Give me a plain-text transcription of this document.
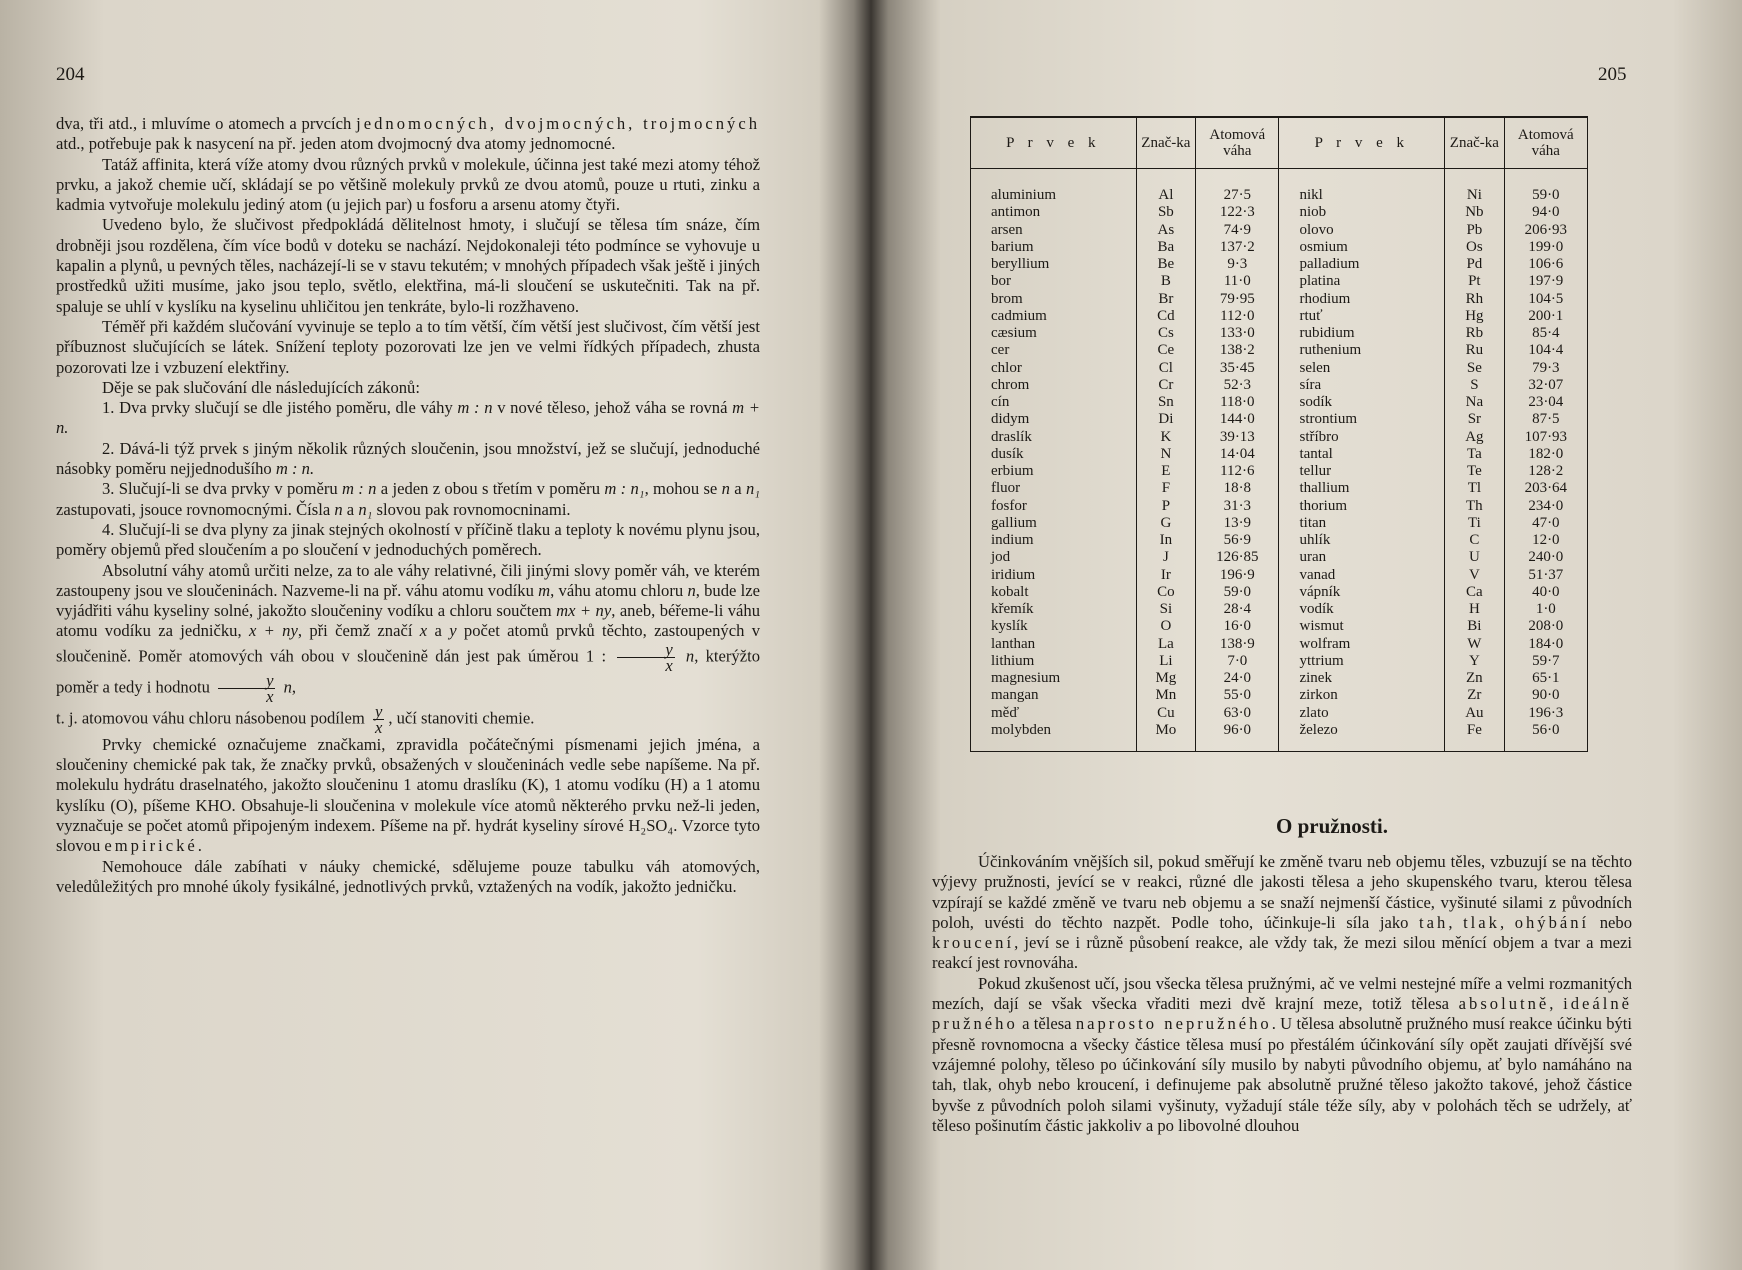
204

dva, tři atd., i mluvíme o atomech a prvcích jednomocných, dvojmocných, trojmocných atd., potřebuje pak k nasycení na př. jeden atom dvojmocný dva atomy jednomocné.

Tatáž affinita, která víže atomy dvou různých prvků v molekule, účinna jest také mezi atomy téhož prvku, a jakož chemie učí, skládají se po většině molekuly prvků ze dvou atomů, pouze u rtuti, zinku a kadmia vytvořuje molekulu jediný atom (u jejich par) u fosforu a arsenu atomy čtyři.

Uvedeno bylo, že slučivost předpokládá dělitelnost hmoty, i slučují se tělesa tím snáze, čím drobněji jsou rozdělena, čím více bodů v doteku se nachází. Nejdokonaleji této podmínce se vyhovuje u kapalin a plynů, u pevných těles, nacházejí-li se v stavu tekutém; v mnohých případech však ještě i jiných prostředků užiti musíme, jako jsou teplo, světlo, elektřina, má-li sloučení se uskutečniti. Tak na př. spaluje se uhlí v kyslíku na kyselinu uhličitou jen tenkráte, bylo-li rozžhaveno.

Téměř při každém slučování vyvinuje se teplo a to tím větší, čím větší jest slučivost, čím větší jest příbuznost slučujících se látek. Snížení teploty pozorovati lze jen ve velmi řídkých případech, zhusta pozorovati lze i vzbuzení elektřiny.

Děje se pak slučování dle následujících zákonů:

1. Dva prvky slučují se dle jistého poměru, dle váhy m : n v nové těleso, jehož váha se rovná m + n.

2. Dává-li týž prvek s jiným několik různých sloučenin, jsou množství, jež se slučují, jednoduché násobky poměru nejjednodušího m : n.

3. Slučují-li se dva prvky v poměru m : n a jeden z obou s třetím v poměru m : n₁, mohou se n a n₁ zastupovati, jsouce rovnomocnými. Čísla n a n₁ slovou pak rovnomocninami.

4. Slučují-li se dva plyny za jinak stejných okolností v příčině tlaku a teploty k novému plynu jsou, poměry objemů před sloučením a po sloučení v jednoduchých poměrech.

Absolutní váhy atomů určiti nelze, za to ale váhy relativné, čili jinými slovy poměr váh, ve kterém zastoupeny jsou ve sloučeninách. Nazveme-li na př. váhu atomu vodíku m, váhu atomu chloru n, bude lze vyjádřiti váhu kyseliny solné, jakožto sloučeniny vodíku a chloru součtem mx + ny, aneb, béřeme-li váhu atomu vodíku za jedničku, x + ny, při čemž značí x a y počet atomů prvků těchto, zastoupených v sloučenině. Poměr atomových váh obou v sloučenině dán jest pak úměrou 1 : $\frac{y}{x} n$, kterýžto poměr a tedy i hodnotu $\frac{y}{x} n$,

t. j. atomovou váhu chloru násobenou podílem $\frac{y}{x}$ , učí stanoviti chemie.

Prvky chemické označujeme značkami, zpravidla počátečnými písmenami jejich jména, a sloučeniny chemické pak tak, že značky prvků, obsažených v sloučeninách vedle sebe napíšeme. Na př. molekulu hydrátu draselnatého, jakožto sloučeninu 1 atomu draslíku (K), 1 atomu vodíku (H) a 1 atomu kyslíku (O), píšeme KHO. Obsahuje-li sloučenina v molekule více atomů některého prvku než-li jeden, vyznačuje se počet atomů připojeným indexem. Píšeme na př. hydrát kyseliny sírové H₂SO₄. Vzorce tyto slovou empirické.

Nemohouce dále zabíhati v náuky chemické, sdělujeme pouze tabulku váh atomových, veledůležitých pro mnohé úkoly fysikálné, jednotlivých prvků, vztažených na vodík, jakožto jedničku.

205
P r v e k	Znač-ka	Atomová váha	P r v e k	Znač-ka	Atomová váha
aluminium	Al	27·5	nikl	Ni	59·0
antimon	Sb	122·3	niob	Nb	94·0
arsen	As	74·9	olovo	Pb	206·93
barium	Ba	137·2	osmium	Os	199·0
beryllium	Be	9·3	palladium	Pd	106·6
bor	B	11·0	platina	Pt	197·9
brom	Br	79·95	rhodium	Rh	104·5
cadmium	Cd	112·0	rtuť	Hg	200·1
cæsium	Cs	133·0	rubidium	Rb	85·4
cer	Ce	138·2	ruthenium	Ru	104·4
chlor	Cl	35·45	selen	Se	79·3
chrom	Cr	52·3	síra	S	32·07
cín	Sn	118·0	sodík	Na	23·04
didym	Di	144·0	strontium	Sr	87·5
draslík	K	39·13	stříbro	Ag	107·93
dusík	N	14·04	tantal	Ta	182·0
erbium	E	112·6	tellur	Te	128·2
fluor	F	18·8	thallium	Tl	203·64
fosfor	P	31·3	thorium	Th	234·0
gallium	G	13·9	titan	Ti	47·0
indium	In	56·9	uhlík	C	12·0
jod	J	126·85	uran	U	240·0
iridium	Ir	196·9	vanad	V	51·37
kobalt	Co	59·0	vápník	Ca	40·0
křemík	Si	28·4	vodík	H	1·0
kyslík	O	16·0	wismut	Bi	208·0
lanthan	La	138·9	wolfram	W	184·0
lithium	Li	7·0	yttrium	Y	59·7
magnesium	Mg	24·0	zinek	Zn	65·1
mangan	Mn	55·0	zirkon	Zr	90·0
měď	Cu	63·0	zlato	Au	196·3
molybden	Mo	96·0	železo	Fe	56·0
O pružnosti.

Účinkováním vnějších sil, pokud směřují ke změně tvaru neb objemu těles, vzbuzují se na těchto výjevy pružnosti, jevící se v reakci, různé dle jakosti tělesa a jeho skupenského tvaru, kterou tělesa vzpírají se každé změně ve tvaru neb objemu a se snaží nejmenší částice, vyšinuté silami z původních poloh, uvésti do těchto nazpět. Podle toho, účinkuje-li síla jako tah, tlak, ohýbání nebo kroucení, jeví se i různě působení reakce, ale vždy tak, že mezi silou měnící objem a tvar a mezi reakcí jest rovnováha.

Pokud zkušenost učí, jsou všecka tělesa pružnými, ač ve velmi nestejné míře a velmi rozmanitých mezích, dají se však všecka vřaditi mezi dvě krajní meze, totiž tělesa absolutně, ideálně pružného a tělesa naprosto nepružného. U tělesa absolutně pružného musí reakce účinku býti přesně rovnomocna a všecky částice tělesa musí po přestálém účinkování síly opět zaujati dřívější své vzájemné polohy, těleso po účinkování síly musilo by nabyti původního objemu, ať bylo namáháno na tah, tlak, ohyb nebo kroucení, i definujeme pak absolutně pružné těleso jakožto takové, jehož částice byvše z původních poloh silami vyšinuty, vyžadují stále téže síly, aby v polohách těch se udržely, ať těleso pošinutím částic jakkoliv a po libovolné dlouhou
